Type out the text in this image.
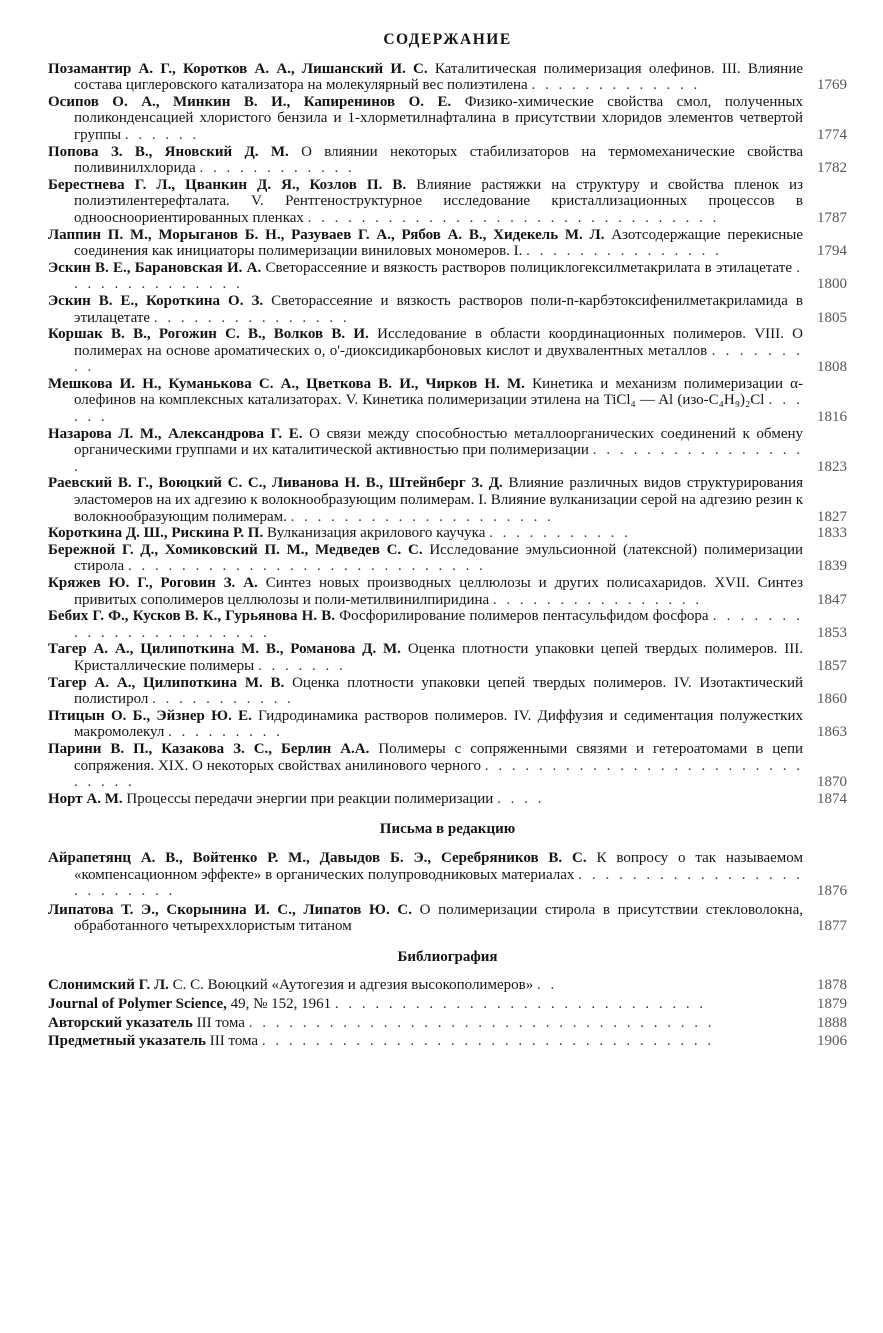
СОДЕРЖАНИЕ

Позамантир А. Г., Коротков А. А., Лишанский И. С. Каталитическая полимеризация олефинов. III. Влияние состава циглеровского катализатора на молекулярный вес полиэтилена . . . . . . . . . . . . .	1769

Осипов О. А., Минкин В. И., Капиренинов О. Е. Физико-химические свойства смол, полученных поликонденсацией хлористого бензила и 1-хлорметилнафталина в присутствии хлоридов элементов четвертой группы . . . . . .	1774

Попова З. В., Яновский Д. М. О влиянии некоторых стабилизаторов на термомеханические свойства поливинилхлорида . . . . . . . . . . . .	1782

Берестнева Г. Л., Цванкин Д. Я., Козлов П. В. Влияние растяжки на структуру и свойства пленок из полиэтилентерефталата. V. Рентгеноструктурное исследование кристаллизационных процессов в одноосноориентированных пленках . . . . . . . . . . . . . . . . . . . . . . . . . . . . . . .	1787

Лаппин П. М., Морыганов Б. Н., Разуваев Г. А., Рябов А. В., Хидекель М. Л. Азотсодержащие перекисные соединения как инициаторы полимеризации виниловых мономеров. I. . . . . . . . . . . . . . . .	1794

Эскин В. Е., Барановская И. А. Светорассеяние и вязкость растворов полициклогексилметакрилата в этилацетате . . . . . . . . . . . . . .	1800

Эскин В. Е., Короткина О. З. Светорассеяние и вязкость растворов поли-n-карбэтоксифенилметакриламида в этилацетате . . . . . . . . . . . . . . .	1805

Коршак В. В., Рогожин С. В., Волков В. И. Исследование в области координационных полимеров. VIII. О полимерах на основе ароматических o, o'-диоксидикарбоновых кислот и двухвалентных металлов . . . . . . . . .	1808

Мешкова И. Н., Куманькова С. А., Цветкова В. И., Чирков Н. М. Кинетика и механизм полимеризации α-олефинов на комплексных катализаторах. V. Кинетика полимеризации этилена на TiCl₄ — Al (изо-C₄H₉)₂Cl . . . . . .	1816

Назарова Л. М., Александрова Г. Е. О связи между способностью металлоорганических соединений к обмену органическими группами и их каталитической активностью при полимеризации . . . . . . . . . . . . . . . . .	1823

Раевский В. Г., Воюцкий С. С., Ливанова Н. В., Штейнберг З. Д. Влияние различных видов структурирования эластомеров на их адгезию к волокнообразующим полимерам. I. Влияние вулканизации серой на адгезию резин к волокнообразующим полимерам. . . . . . . . . . . . . . . . . . . . .	1827

Короткина Д. Ш., Рискина Р. П. Вулканизация акрилового каучука . . . . . . . . . . .	1833

Бережной Г. Д., Хомиковский П. М., Медведев С. С. Исследование эмульсионной (латексной) полимеризации стирола . . . . . . . . . . . . . . . . . . . . . . . . . . .	1839

Кряжев Ю. Г., Роговин З. А. Синтез новых производных целлюлозы и других полисахаридов. XVII. Синтез привитых сополимеров целлюлозы и поли-метилвинилпиридина . . . . . . . . . . . . . . . .	1847

Бебих Г. Ф., Кусков В. К., Гурьянова Н. В. Фосфорилирование полимеров пентасульфидом фосфора . . . . . . . . . . . . . . . . . . . . . .	1853

Тагер А. А., Цилипоткина М. В., Романова Д. М. Оценка плотности упаковки цепей твердых полимеров. III. Кристаллические полимеры . . . . . . .	1857

Тагер А. А., Цилипоткина М. В. Оценка плотности упаковки цепей твердых полимеров. IV. Изотактический полистирол . . . . . . . . . . .	1860

Птицын О. Б., Эйзнер Ю. Е. Гидродинамика растворов полимеров. IV. Диффузия и седиментация полужестких макромолекул . . . . . . . . .	1863

Парини В. П., Казакова З. С., Берлин А.А. Полимеры с сопряженными связями и гетероатомами в цепи сопряжения. XIX. О некоторых свойствах анилинового черного . . . . . . . . . . . . . . . . . . . . . . . . . . . . .	1870

Норт А. М. Процессы передачи энергии при реакции полимеризации . . . .	1874

Письма в редакцию

Айрапетянц А. В., Войтенко Р. М., Давыдов Б. Э., Серебряников В. С. К вопросу о так называемом «компенсационном эффекте» в органических полупроводниковых материалах . . . . . . . . . . . . . . . . . . . . . . . . .	1876

Липатова Т. Э., Скорынина И. С., Липатов Ю. С. О полимеризации стирола в присутствии стекловолокна, обработанного четыреххлористым титаном	1877

Библиография

Слонимский Г. Л. С. С. Воюцкий «Аутогезия и адгезия высокополимеров» . .	1878

Journal of Polymer Science, 49, № 152, 1961 . . . . . . . . . . . . . . . . . . . . . . . . . . . .	1879

Авторский указатель III тома . . . . . . . . . . . . . . . . . . . . . . . . . . . . . . . . . . .	1888

Предметный указатель III тома . . . . . . . . . . . . . . . . . . . . . . . . . . . . . . . . . .	1906
